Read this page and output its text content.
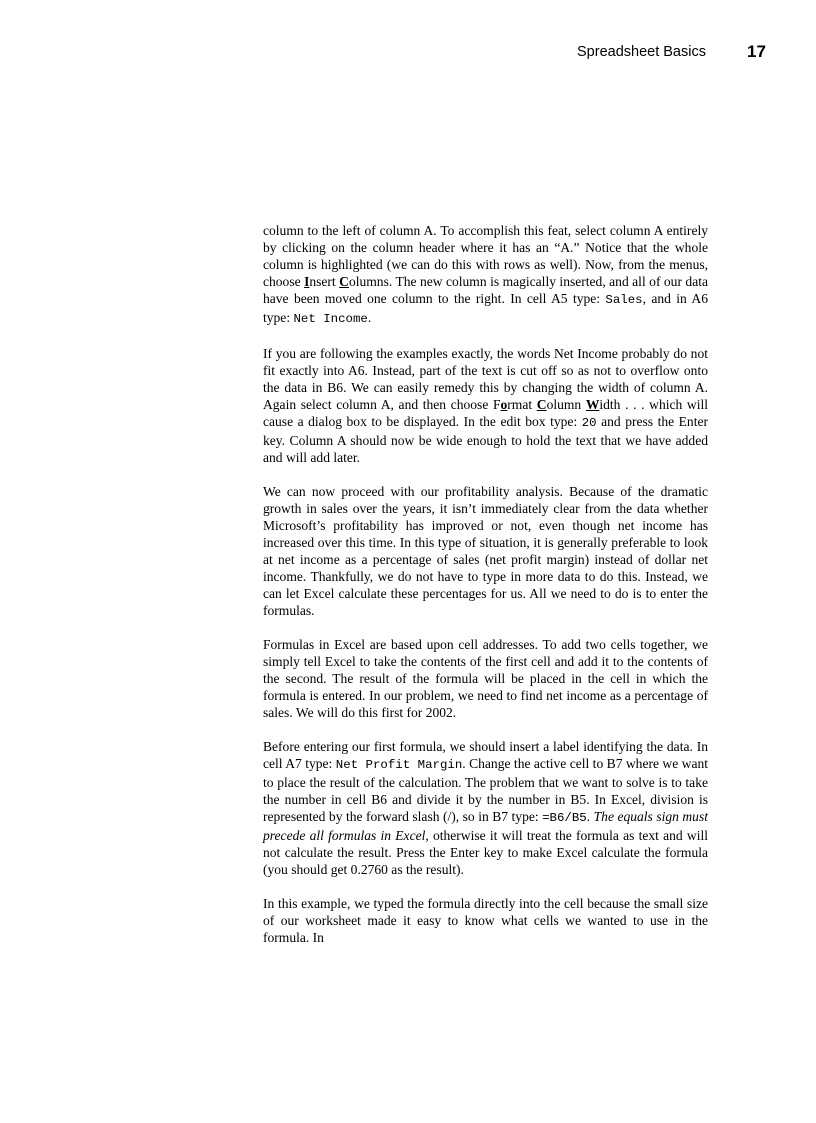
Spreadsheet Basics 17

column to the left of column A. To accomplish this feat, select column A entirely by clicking on the column header where it has an “A.” Notice that the whole column is highlighted (we can do this with rows as well). Now, from the menus, choose Insert Columns. The new column is magically inserted, and all of our data have been moved one column to the right. In cell A5 type: Sales, and in A6 type: Net Income.

If you are following the examples exactly, the words Net Income probably do not fit exactly into A6. Instead, part of the text is cut off so as not to overflow onto the data in B6. We can easily remedy this by changing the width of column A. Again select column A, and then choose Format Column Width . . . which will cause a dialog box to be displayed. In the edit box type: 20 and press the Enter key. Column A should now be wide enough to hold the text that we have added and will add later.

We can now proceed with our profitability analysis. Because of the dramatic growth in sales over the years, it isn’t immediately clear from the data whether Microsoft’s profitability has improved or not, even though net income has increased over this time. In this type of situation, it is generally preferable to look at net income as a percentage of sales (net profit margin) instead of dollar net income. Thankfully, we do not have to type in more data to do this. Instead, we can let Excel calculate these percentages for us. All we need to do is to enter the formulas.

Formulas in Excel are based upon cell addresses. To add two cells together, we simply tell Excel to take the contents of the first cell and add it to the contents of the second. The result of the formula will be placed in the cell in which the formula is entered. In our problem, we need to find net income as a percentage of sales. We will do this first for 2002.

Before entering our first formula, we should insert a label identifying the data. In cell A7 type: Net Profit Margin. Change the active cell to B7 where we want to place the result of the calculation. The problem that we want to solve is to take the number in cell B6 and divide it by the number in B5. In Excel, division is represented by the forward slash (/), so in B7 type: =B6/B5. The equals sign must precede all formulas in Excel, otherwise it will treat the formula as text and will not calculate the result. Press the Enter key to make Excel calculate the formula (you should get 0.2760 as the result).

In this example, we typed the formula directly into the cell because the small size of our worksheet made it easy to know what cells we wanted to use in the formula. In
